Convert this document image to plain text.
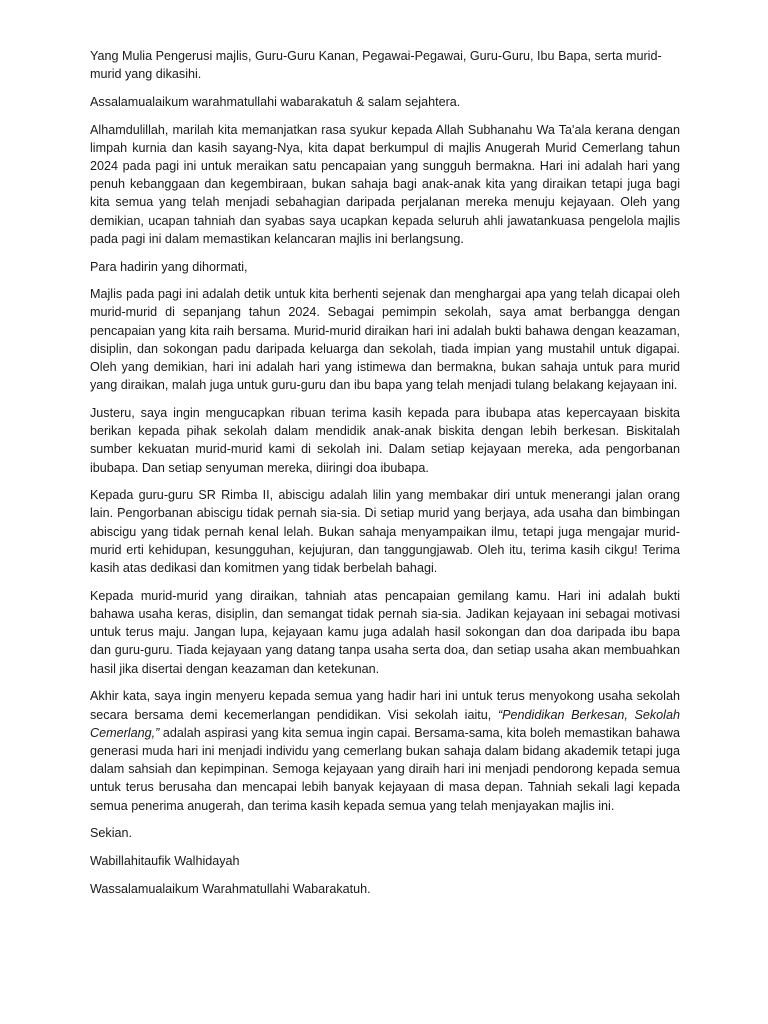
Yang Mulia Pengerusi majlis, Guru-Guru Kanan, Pegawai-Pegawai, Guru-Guru, Ibu Bapa, serta murid-murid yang dikasihi.

Assalamualaikum warahmatullahi wabarakatuh & salam sejahtera.

Alhamdulillah, marilah kita memanjatkan rasa syukur kepada Allah Subhanahu Wa Ta'ala kerana dengan limpah kurnia dan kasih sayang-Nya, kita dapat berkumpul di majlis Anugerah Murid Cemerlang tahun 2024 pada pagi ini untuk meraikan satu pencapaian yang sungguh bermakna. Hari ini adalah hari yang penuh kebanggaan dan kegembiraan, bukan sahaja bagi anak-anak kita yang diraikan tetapi juga bagi kita semua yang telah menjadi sebahagian daripada perjalanan mereka menuju kejayaan. Oleh yang demikian, ucapan tahniah dan syabas saya ucapkan kepada seluruh ahli jawatankuasa pengelola majlis pada pagi ini dalam memastikan kelancaran majlis ini berlangsung.

Para hadirin yang dihormati,

Majlis pada pagi ini adalah detik untuk kita berhenti sejenak dan menghargai apa yang telah dicapai oleh murid-murid di sepanjang tahun 2024. Sebagai pemimpin sekolah, saya amat berbangga dengan pencapaian yang kita raih bersama. Murid-murid diraikan hari ini adalah bukti bahawa dengan keazaman, disiplin, dan sokongan padu daripada keluarga dan sekolah, tiada impian yang mustahil untuk digapai. Oleh yang demikian, hari ini adalah hari yang istimewa dan bermakna, bukan sahaja untuk para murid yang diraikan, malah juga untuk guru-guru dan ibu bapa yang telah menjadi tulang belakang kejayaan ini.

Justeru, saya ingin mengucapkan ribuan terima kasih kepada para ibubapa atas kepercayaan biskita berikan kepada pihak sekolah dalam mendidik anak-anak biskita dengan lebih berkesan. Biskitalah sumber kekuatan murid-murid kami di sekolah ini. Dalam setiap kejayaan mereka, ada pengorbanan ibubapa. Dan setiap senyuman mereka, diiringi doa ibubapa.

Kepada guru-guru SR Rimba II, abiscigu adalah lilin yang membakar diri untuk menerangi jalan orang lain. Pengorbanan abiscigu tidak pernah sia-sia. Di setiap murid yang berjaya, ada usaha dan bimbingan abiscigu yang tidak pernah kenal lelah. Bukan sahaja menyampaikan ilmu, tetapi juga mengajar murid-murid erti kehidupan, kesungguhan, kejujuran, dan tanggungjawab. Oleh itu, terima kasih cikgu! Terima kasih atas dedikasi dan komitmen yang tidak berbelah bahagi.

Kepada murid-murid yang diraikan, tahniah atas pencapaian gemilang kamu. Hari ini adalah bukti bahawa usaha keras, disiplin, dan semangat tidak pernah sia-sia. Jadikan kejayaan ini sebagai motivasi untuk terus maju. Jangan lupa, kejayaan kamu juga adalah hasil sokongan dan doa daripada ibu bapa dan guru-guru. Tiada kejayaan yang datang tanpa usaha serta doa, dan setiap usaha akan membuahkan hasil jika disertai dengan keazaman dan ketekunan.

Akhir kata, saya ingin menyeru kepada semua yang hadir hari ini untuk terus menyokong usaha sekolah secara bersama demi kecemerlangan pendidikan. Visi sekolah iaitu, “Pendidikan Berkesan, Sekolah Cemerlang,” adalah aspirasi yang kita semua ingin capai. Bersama-sama, kita boleh memastikan bahawa generasi muda hari ini menjadi individu yang cemerlang bukan sahaja dalam bidang akademik tetapi juga dalam sahsiah dan kepimpinan. Semoga kejayaan yang diraih hari ini menjadi pendorong kepada semua untuk terus berusaha dan mencapai lebih banyak kejayaan di masa depan. Tahniah sekali lagi kepada semua penerima anugerah, dan terima kasih kepada semua yang telah menjayakan majlis ini.

Sekian.

Wabillahitaufik Walhidayah

Wassalamualaikum Warahmatullahi Wabarakatuh.
